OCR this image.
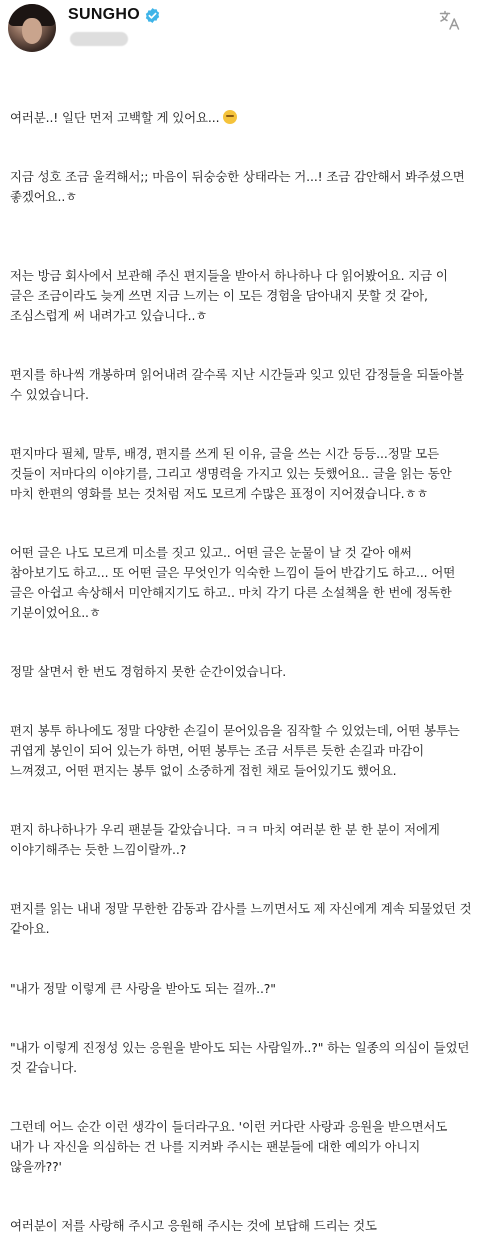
SUNGHO

여러분..! 일단 먼저 고백할 게 있어요...

지금 성호 조금 울컥해서;; 마음이 뒤숭숭한 상태라는 거...! 조금 감안해서 봐주셨으면 좋겠어요..ㅎ

저는 방금 회사에서 보관해 주신 편지들을 받아서 하나하나 다 읽어봤어요. 지금 이 글은 조금이라도 늦게 쓰면 지금 느끼는 이 모든 경험을 담아내지 못할 것 같아, 조심스럽게 써 내려가고 있습니다..ㅎ

편지를 하나씩 개봉하며 읽어내려 갈수록 지난 시간들과 잊고 있던 감정들을 되돌아볼 수 있었습니다.

편지마다 필체, 말투, 배경, 편지를 쓰게 된 이유, 글을 쓰는 시간 등등...정말 모든 것들이 저마다의 이야기를, 그리고 생명력을 가지고 있는 듯했어요.. 글을 읽는 동안 마치 한편의 영화를 보는 것처럼 저도 모르게 수많은 표정이 지어졌습니다.ㅎㅎ

어떤 글은 나도 모르게 미소를 짓고 있고.. 어떤 글은 눈물이 날 것 같아 애써 참아보기도 하고... 또 어떤 글은 무엇인가 익숙한 느낌이 들어 반갑기도 하고... 어떤 글은 아쉽고 속상해서 미안해지기도 하고.. 마치 각기 다른 소설책을 한 번에 정독한 기분이었어요..ㅎ

정말 살면서 한 번도 경험하지 못한 순간이었습니다.

편지 봉투 하나에도 정말 다양한 손길이 묻어있음을 짐작할 수 있었는데, 어떤 봉투는 귀엽게 봉인이 되어 있는가 하면, 어떤 봉투는 조금 서투른 듯한 손길과 마감이 느껴졌고, 어떤 편지는 봉투 없이 소중하게 접힌 채로 들어있기도 했어요.

편지 하나하나가 우리 팬분들 같았습니다. ㅋㅋ 마치 여러분 한 분 한 분이 저에게 이야기해주는 듯한 느낌이랄까..?

편지를 읽는 내내 정말 무한한 감동과 감사를 느끼면서도 제 자신에게 계속 되물었던 것 같아요.

"내가 정말 이렇게 큰 사랑을 받아도 되는 걸까..?"

"내가 이렇게 진정성 있는 응원을 받아도 되는 사람일까..?" 하는 일종의 의심이 들었던 것 같습니다.

그런데 어느 순간 이런 생각이 들더라구요. '이런 커다란 사랑과 응원을 받으면서도 내가 나 자신을 의심하는 건 나를 지켜봐 주시는 팬분들에 대한 예의가 아니지 않을까??'

여러분이 저를 사랑해 주시고 응원해 주시는 것에 보답해 드리는 것도
